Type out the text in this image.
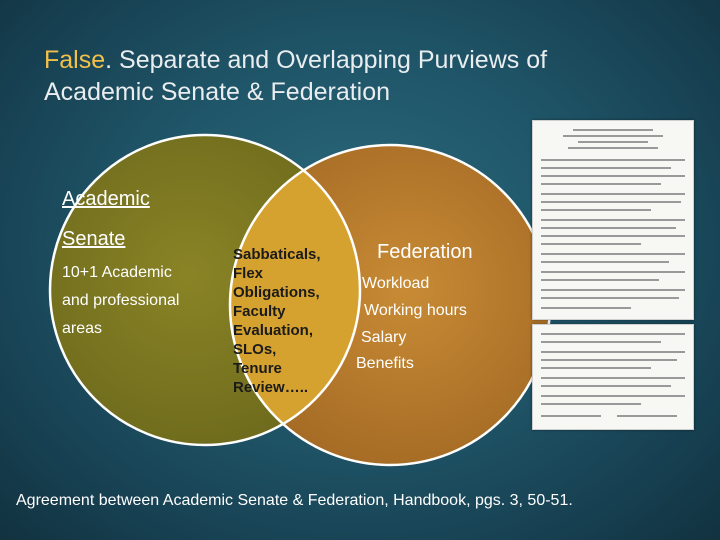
False. Separate and Overlapping Purviews of Academic Senate & Federation
Academic
Senate
10+1 Academic
and professional
areas
Sabbaticals,
Flex
Obligations,
Faculty
Evaluation,
SLOs,
Tenure
Review…..
Federation
Workload
Working hours
Salary
Benefits
Agreement between Academic Senate & Federation, Handbook, pgs. 3, 50-51.
